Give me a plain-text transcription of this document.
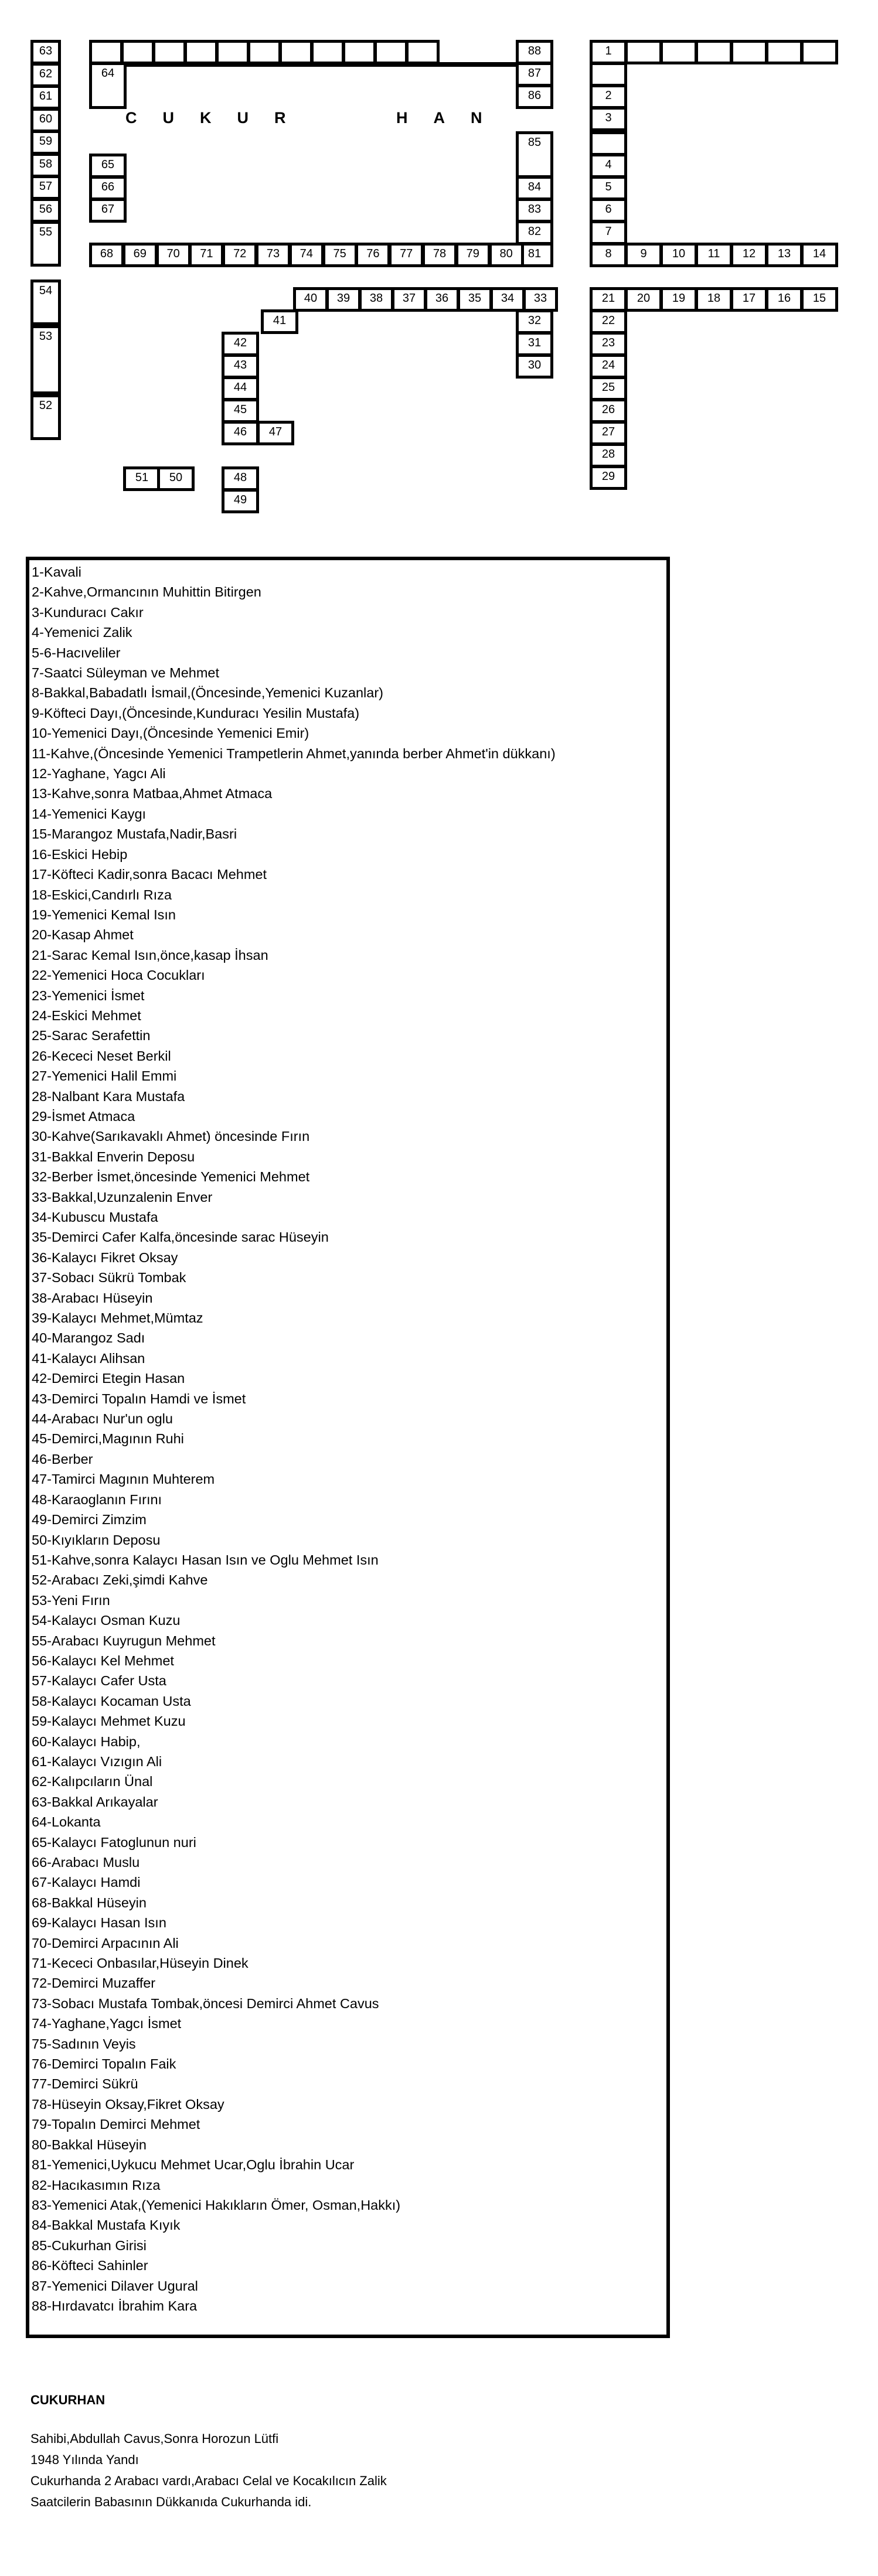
CUKUR	HAN
63
62
61
60
59
58
57
56
55
54
53
52
88
87
86
64
85
65
66
67
84
83
82
81
68	69	70	71	72	73	74	75	76	77	78	79	80
1
2
3
4
5
6
7
8	9	10	11	12	13	14
21	20	19	18	17	16	15
22
23
24
25
26
27
28
29
40	39	38	37	36	35	34	33
32
31
30
41
42
43
44
45
46	47
48
49
51	50
1-Kavali
2-Kahve,Ormancının Muhittin Bitirgen
3-Kunduracı Cakır
4-Yemenici Zalik
5-6-Hacıveliler
7-Saatci Süleyman ve Mehmet
8-Bakkal,Babadatlı İsmail,(Öncesinde,Yemenici Kuzanlar)
9-Köfteci Dayı,(Öncesinde,Kunduracı Yesilin Mustafa)
10-Yemenici Dayı,(Öncesinde Yemenici Emir)
11-Kahve,(Öncesinde Yemenici Trampetlerin Ahmet,yanında berber Ahmet'in dükkanı)
12-Yaghane, Yagcı Ali
13-Kahve,sonra Matbaa,Ahmet Atmaca
14-Yemenici Kaygı
15-Marangoz Mustafa,Nadir,Basri
16-Eskici Hebip
17-Köfteci Kadir,sonra Bacacı Mehmet
18-Eskici,Candırlı Rıza
19-Yemenici Kemal Isın
20-Kasap Ahmet
21-Sarac Kemal Isın,önce,kasap İhsan
22-Yemenici Hoca Cocukları
23-Yemenici İsmet
24-Eskici Mehmet
25-Sarac Serafettin
26-Kececi Neset Berkil
27-Yemenici Halil Emmi
28-Nalbant Kara Mustafa
29-İsmet Atmaca
30-Kahve(Sarıkavaklı Ahmet) öncesinde Fırın
31-Bakkal Enverin Deposu
32-Berber İsmet,öncesinde Yemenici Mehmet
33-Bakkal,Uzunzalenin Enver
34-Kubuscu Mustafa
35-Demirci Cafer Kalfa,öncesinde sarac Hüseyin
36-Kalaycı Fikret Oksay
37-Sobacı Sükrü Tombak
38-Arabacı Hüseyin
39-Kalaycı Mehmet,Mümtaz
40-Marangoz Sadı
41-Kalaycı Alihsan
42-Demirci Etegin Hasan
43-Demirci Topalın Hamdi ve İsmet
44-Arabacı Nur'un oglu
45-Demirci,Magının Ruhi
46-Berber
47-Tamirci Magının Muhterem
48-Karaoglanın Fırını
49-Demirci Zimzim
50-Kıyıkların Deposu
51-Kahve,sonra Kalaycı Hasan Isın ve Oglu Mehmet Isın
52-Arabacı Zeki,şimdi Kahve
53-Yeni Fırın
54-Kalaycı Osman Kuzu
55-Arabacı Kuyrugun Mehmet
56-Kalaycı Kel Mehmet
57-Kalaycı Cafer Usta
58-Kalaycı Kocaman Usta
59-Kalaycı Mehmet Kuzu
60-Kalaycı Habip,
61-Kalaycı Vızıgın Ali
62-Kalıpcıların Ünal
63-Bakkal Arıkayalar
64-Lokanta
65-Kalaycı Fatoglunun nuri
66-Arabacı Muslu
67-Kalaycı Hamdi
68-Bakkal Hüseyin
69-Kalaycı Hasan Isın
70-Demirci Arpacının Ali
71-Kececi Onbasılar,Hüseyin Dinek
72-Demirci Muzaffer
73-Sobacı Mustafa Tombak,öncesi Demirci Ahmet Cavus
74-Yaghane,Yagcı İsmet
75-Sadının Veyis
76-Demirci Topalın Faik
77-Demirci Sükrü
78-Hüseyin Oksay,Fikret Oksay
79-Topalın Demirci Mehmet
80-Bakkal Hüseyin
81-Yemenici,Uykucu Mehmet Ucar,Oglu İbrahin Ucar
82-Hacıkasımın Rıza
83-Yemenici Atak,(Yemenici Hakıkların Ömer, Osman,Hakkı)
84-Bakkal Mustafa Kıyık
85-Cukurhan Girisi
86-Köfteci Sahinler
87-Yemenici Dilaver Ugural
88-Hırdavatcı İbrahim Kara
CUKURHAN
Sahibi,Abdullah Cavus,Sonra Horozun Lütfi
1948 Yılında Yandı
Cukurhanda 2 Arabacı vardı,Arabacı Celal ve Kocakılıcın Zalik
Saatcilerin Babasının Dükkanıda Cukurhanda idi.
